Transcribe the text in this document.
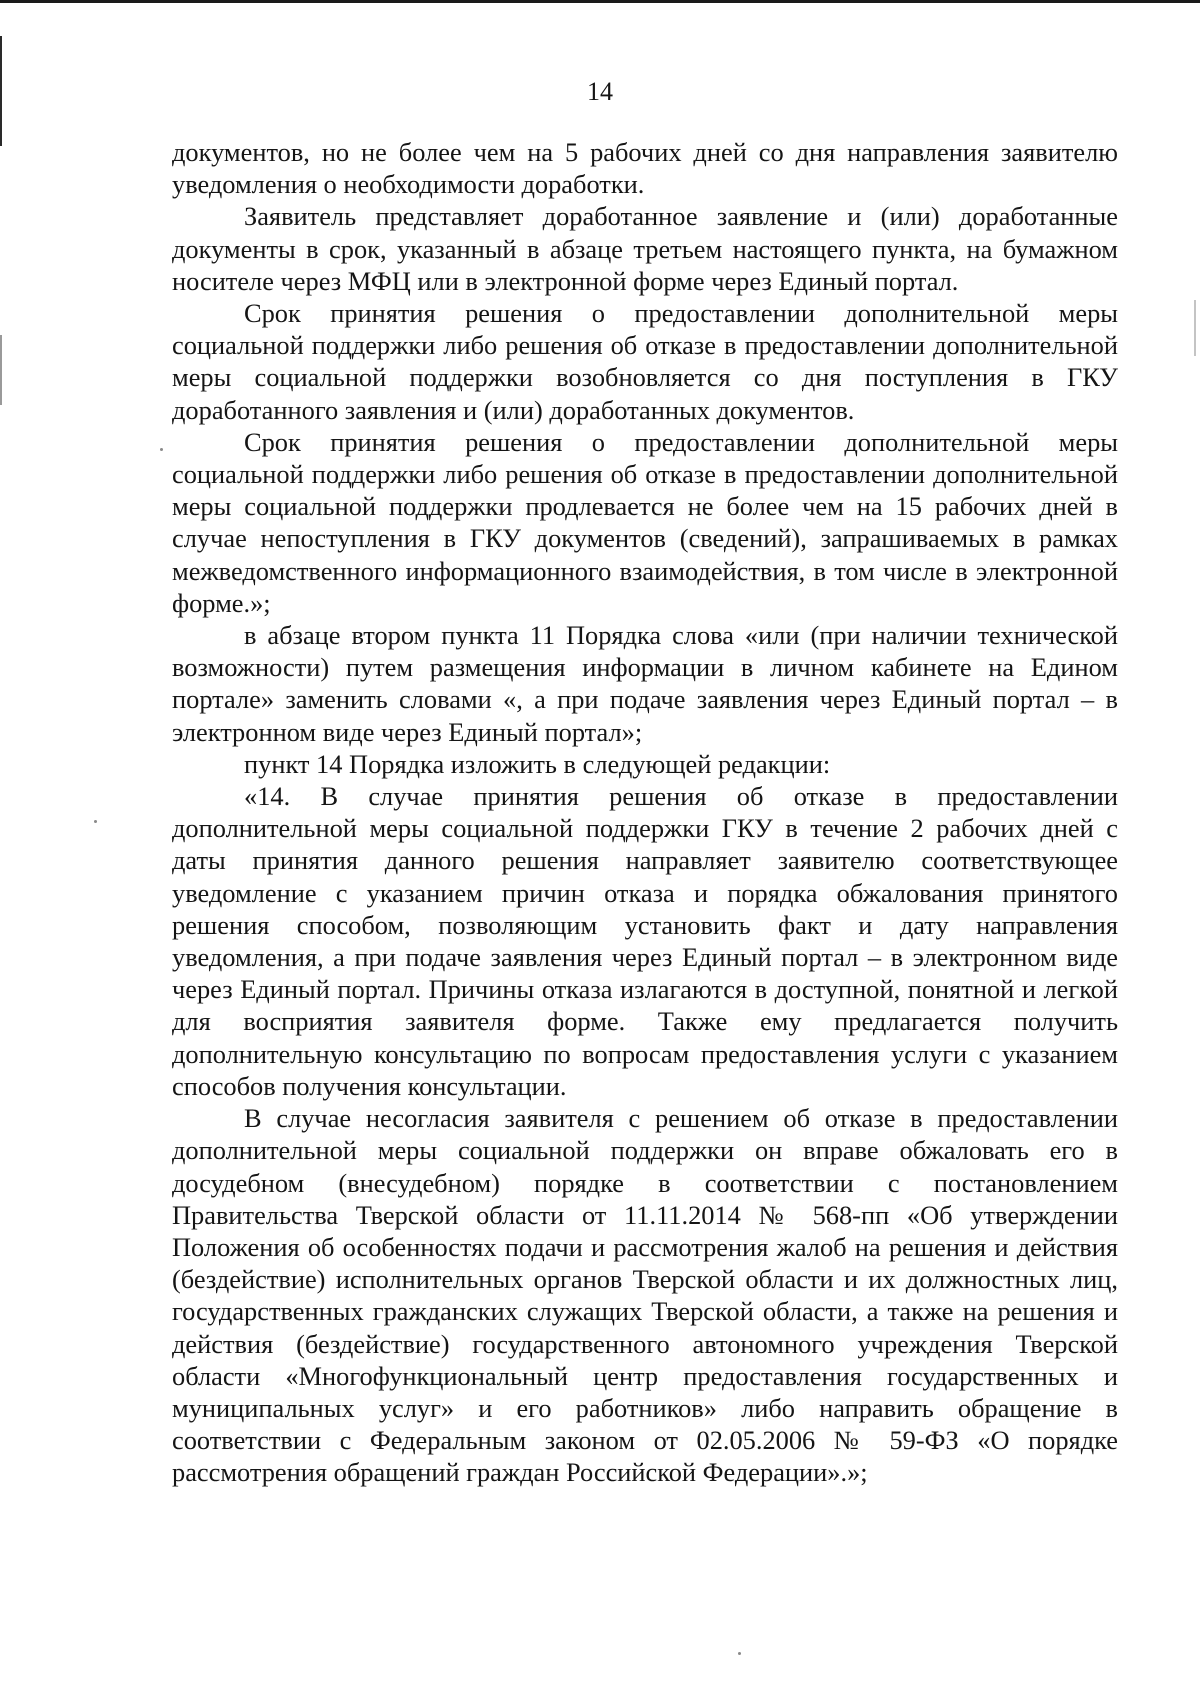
14

документов, но не более чем на 5 рабочих дней со дня направления заявителю уведомления о необходимости доработки.

Заявитель представляет доработанное заявление и (или) доработанные документы в срок, указанный в абзаце третьем настоящего пункта, на бумажном носителе через МФЦ или в электронной форме через Единый портал.

Срок принятия решения о предоставлении дополнительной меры социальной поддержки либо решения об отказе в предоставлении дополнительной меры социальной поддержки возобновляется со дня поступления в ГКУ доработанного заявления и (или) доработанных документов.

Срок принятия решения о предоставлении дополнительной меры социальной поддержки либо решения об отказе в предоставлении дополнительной меры социальной поддержки продлевается не более чем на 15 рабочих дней в случае непоступления в ГКУ документов (сведений), запрашиваемых в рамках межведомственного информационного взаимодействия, в том числе в электронной форме.»;

в абзаце втором пункта 11 Порядка слова «или (при наличии технической возможности) путем размещения информации в личном кабинете на Едином портале» заменить словами «, а при подаче заявления через Единый портал – в электронном виде через Единый портал»;

пункт 14 Порядка изложить в следующей редакции:

«14. В случае принятия решения об отказе в предоставлении дополнительной меры социальной поддержки ГКУ в течение 2 рабочих дней с даты принятия данного решения направляет заявителю соответствующее уведомление с указанием причин отказа и порядка обжалования принятого решения способом, позволяющим установить факт и дату направления уведомления, а при подаче заявления через Единый портал – в электронном виде через Единый портал. Причины отказа излагаются в доступной, понятной и легкой для восприятия заявителя форме. Также ему предлагается получить дополнительную консультацию по вопросам предоставления услуги с указанием способов получения консультации.

В случае несогласия заявителя с решением об отказе в предоставлении дополнительной меры социальной поддержки он вправе обжаловать его в досудебном (внесудебном) порядке в соответствии с постановлением Правительства Тверской области от 11.11.2014 № 568-пп «Об утверждении Положения об особенностях подачи и рассмотрения жалоб на решения и действия (бездействие) исполнительных органов Тверской области и их должностных лиц, государственных гражданских служащих Тверской области, а также на решения и действия (бездействие) государственного автономного учреждения Тверской области «Многофункциональный центр предоставления государственных и муниципальных услуг» и его работников» либо направить обращение в соответствии с Федеральным законом от 02.05.2006 № 59-ФЗ «О порядке рассмотрения обращений граждан Российской Федерации».»;
